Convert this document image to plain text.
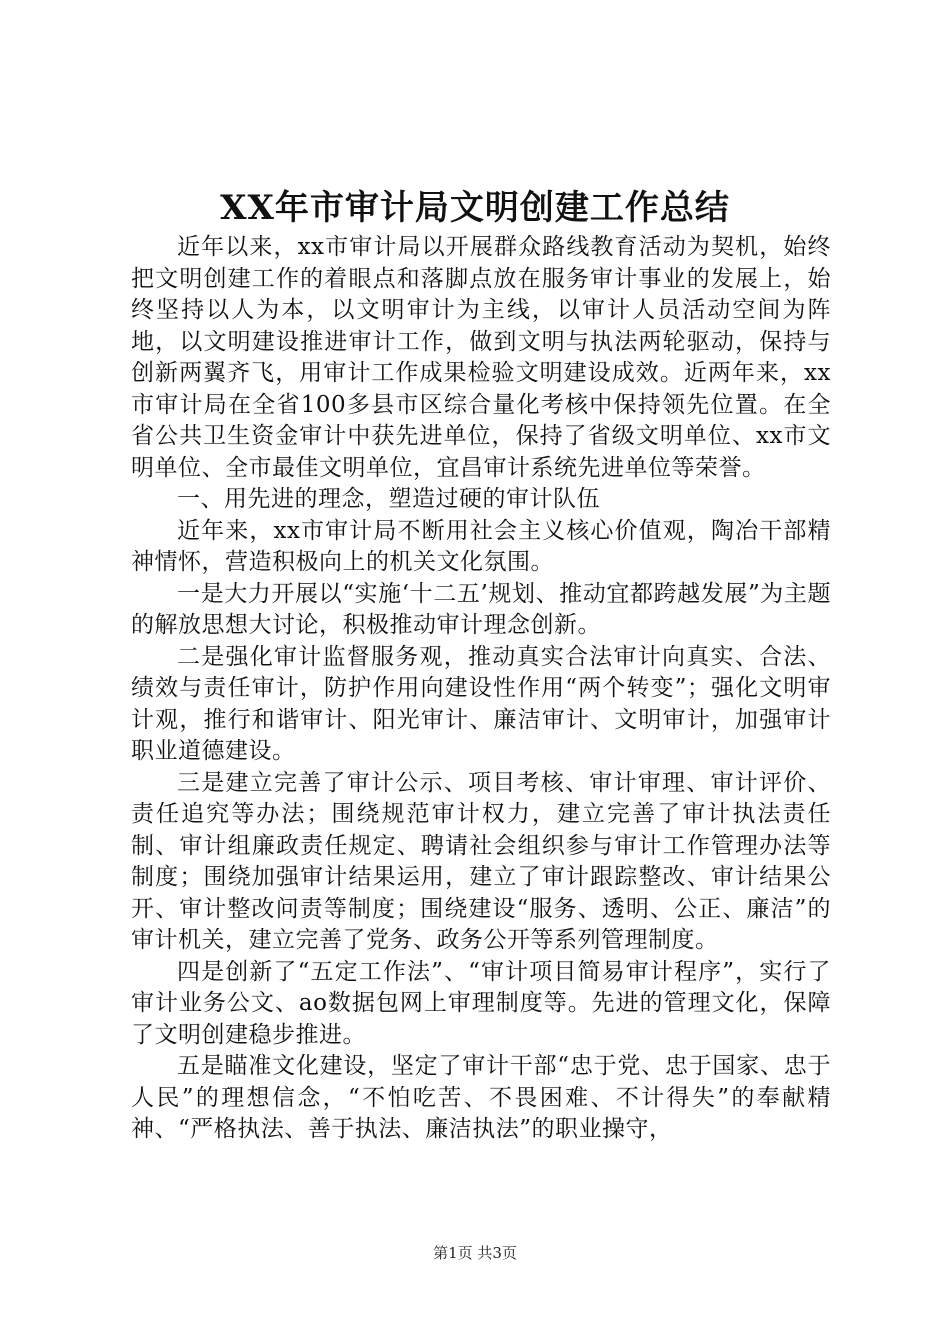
XX年市审计局文明创建工作总结

近年以来，xx市审计局以开展群众路线教育活动为契机，始终把文明创建工作的着眼点和落脚点放在服务审计事业的发展上，始终坚持以人为本，以文明审计为主线，以审计人员活动空间为阵地，以文明建设推进审计工作，做到文明与执法两轮驱动，保持与创新两翼齐飞，用审计工作成果检验文明建设成效。近两年来，xx市审计局在全省100多县市区综合量化考核中保持领先位置。在全省公共卫生资金审计中获先进单位，保持了省级文明单位、xx市文明单位、全市最佳文明单位，宜昌审计系统先进单位等荣誉。

一、用先进的理念，塑造过硬的审计队伍

近年来，xx市审计局不断用社会主义核心价值观，陶冶干部精神情怀，营造积极向上的机关文化氛围。

一是大力开展以“实施‘十二五’规划、推动宜都跨越发展”为主题的解放思想大讨论，积极推动审计理念创新。

二是强化审计监督服务观，推动真实合法审计向真实、合法、绩效与责任审计，防护作用向建设性作用“两个转变”；强化文明审计观，推行和谐审计、阳光审计、廉洁审计、文明审计，加强审计职业道德建设。

三是建立完善了审计公示、项目考核、审计审理、审计评价、责任追究等办法；围绕规范审计权力，建立完善了审计执法责任制、审计组廉政责任规定、聘请社会组织参与审计工作管理办法等制度；围绕加强审计结果运用，建立了审计跟踪整改、审计结果公开、审计整改问责等制度；围绕建设“服务、透明、公正、廉洁”的审计机关，建立完善了党务、政务公开等系列管理制度。

四是创新了“五定工作法”、“审计项目简易审计程序”，实行了审计业务公文、ao数据包网上审理制度等。先进的管理文化，保障了文明创建稳步推进。

五是瞄准文化建设，坚定了审计干部“忠于党、忠于国家、忠于人民”的理想信念，“不怕吃苦、不畏困难、不计得失”的奉献精神、“严格执法、善于执法、廉洁执法”的职业操守，

第1页 共3页
